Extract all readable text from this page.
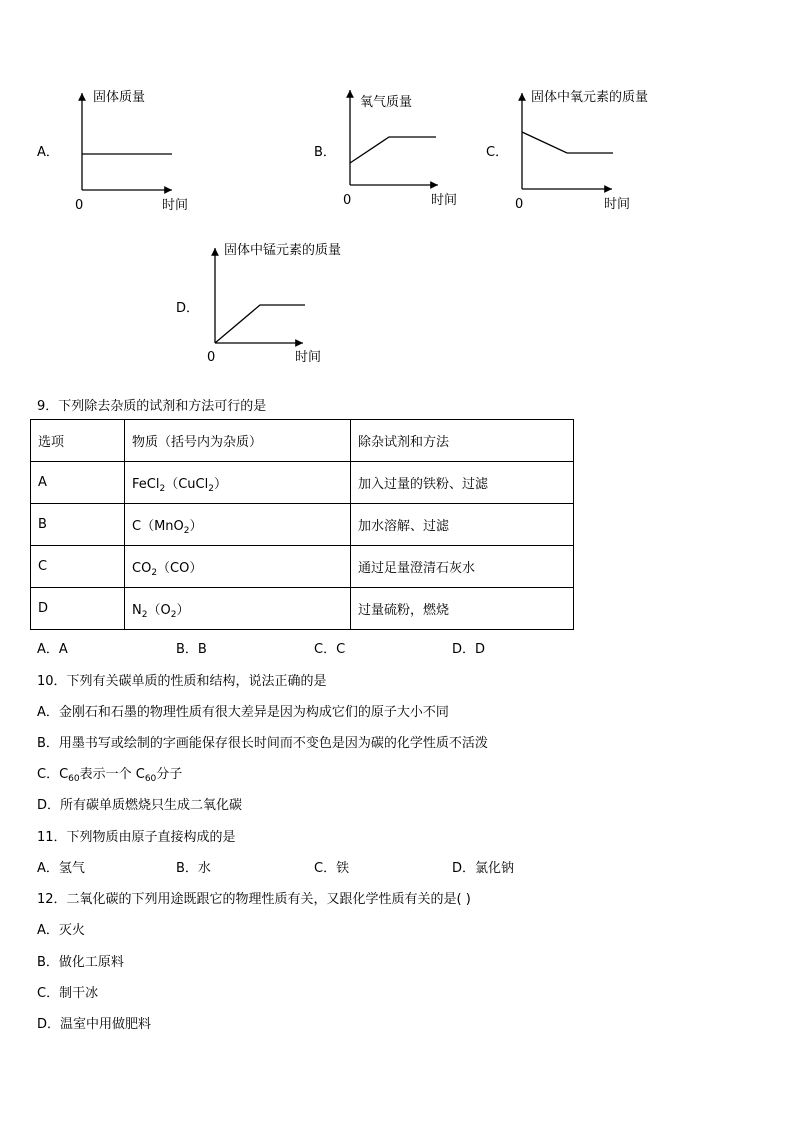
A．
固体质量
0	时间
B．
氧气质量
0	时间
C．
固体中氧元素的质量
0	时间
D．
固体中锰元素的质量
0	时间
9．下列除去杂质的试剂和方法可行的是
选项	物质（括号内为杂质）	除杂试剂和方法
A	FeCl$_2$（CuCl$_2$）	加入过量的铁粉、过滤
B	C（MnO$_2$）	加水溶解、过滤
C	$CO_2(CO)$	通过足量澄清石灰水
D	$N_2(O_2)$	过量硫粉，燃烧
A．A	B．B	C．C	D．D
10．下列有关碳单质的性质和结构，说法正确的是
A．金刚石和石墨的物理性质有很大差异是因为构成它们的原子大小不同
B．用墨书写或绘制的字画能保存很长时间而不变色是因为碳的化学性质不活泼
C．$C_{60}$表示一个 $C_{60}$分子
D．所有碳单质燃烧只生成二氧化碳
11．下列物质由原子直接构成的是
A．氢气	B．水	C．铁	D．氯化钠
12．二氧化碳的下列用途既跟它的物理性质有关，又跟化学性质有关的是( )
A．灭火
B．做化工原料
C．制干冰
D．温室中用做肥料
